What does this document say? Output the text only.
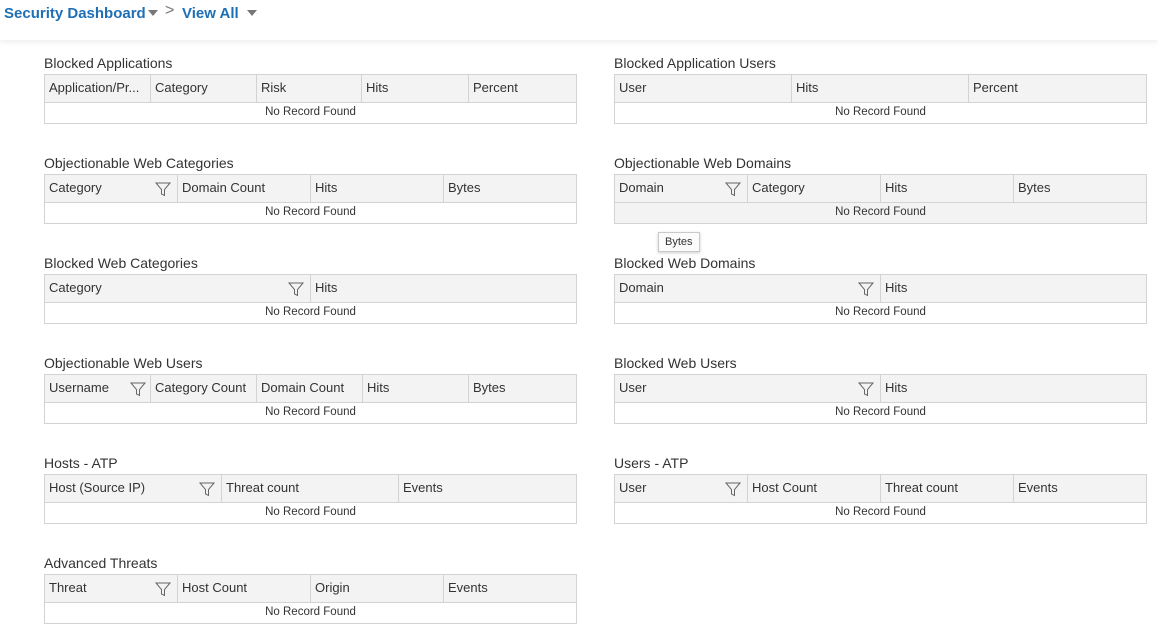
Security Dashboard > View All
Blocked Applications
Application/Pr...	Category	Risk	Hits	Percent
No Record Found
Objectionable Web Categories
Category	Domain Count	Hits	Bytes
No Record Found
Blocked Web Categories
Category	Hits
No Record Found
Objectionable Web Users
Username	Category Count	Domain Count	Hits	Bytes
No Record Found
Hosts - ATP
Host (Source IP)	Threat count	Events
No Record Found
Advanced Threats
Threat	Host Count	Origin	Events
No Record Found
Blocked Application Users
User	Hits	Percent
No Record Found
Objectionable Web Domains
Domain	Category	Hits	Bytes
No Record Found
Bytes
Blocked Web Domains
Domain	Hits
No Record Found
Blocked Web Users
User	Hits
No Record Found
Users - ATP
User	Host Count	Threat count	Events
No Record Found
